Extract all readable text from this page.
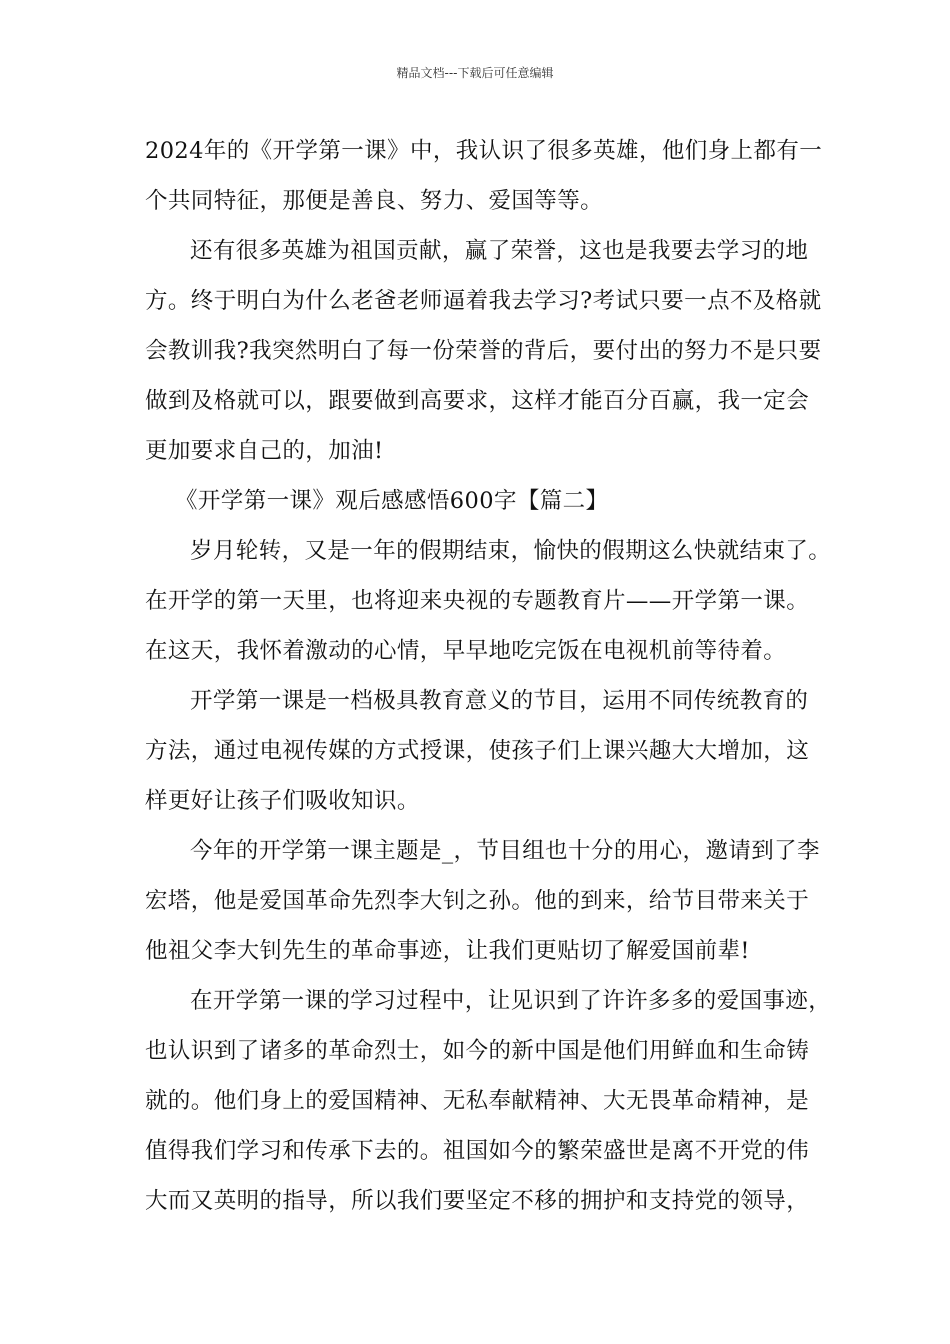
精品文档---下载后可任意编辑
2024年的《开学第一课》中，我认识了很多英雄，他们身上都有一
个共同特征，那便是善良、努力、爱国等等。
还有很多英雄为祖国贡献，赢了荣誉，这也是我要去学习的地
方。终于明白为什么老爸老师逼着我去学习?考试只要一点不及格就
会教训我?我突然明白了每一份荣誉的背后，要付出的努力不是只要
做到及格就可以，跟要做到高要求，这样才能百分百赢，我一定会
更加要求自己的，加油!
《开学第一课》观后感感悟600字【篇二】
岁月轮转，又是一年的假期结束，愉快的假期这么快就结束了。
在开学的第一天里，也将迎来央视的专题教育片——开学第一课。
在这天，我怀着激动的心情，早早地吃完饭在电视机前等待着。
开学第一课是一档极具教育意义的节目，运用不同传统教育的
方法，通过电视传媒的方式授课，使孩子们上课兴趣大大增加，这
样更好让孩子们吸收知识。
今年的开学第一课主题是_，节目组也十分的用心，邀请到了李
宏塔，他是爱国革命先烈李大钊之孙。他的到来，给节目带来关于
他祖父李大钊先生的革命事迹，让我们更贴切了解爱国前辈!
在开学第一课的学习过程中，让见识到了许许多多的爱国事迹，
也认识到了诸多的革命烈士，如今的新中国是他们用鲜血和生命铸
就的。他们身上的爱国精神、无私奉献精神、大无畏革命精神，是
值得我们学习和传承下去的。祖国如今的繁荣盛世是离不开党的伟
大而又英明的指导，所以我们要坚定不移的拥护和支持党的领导，
